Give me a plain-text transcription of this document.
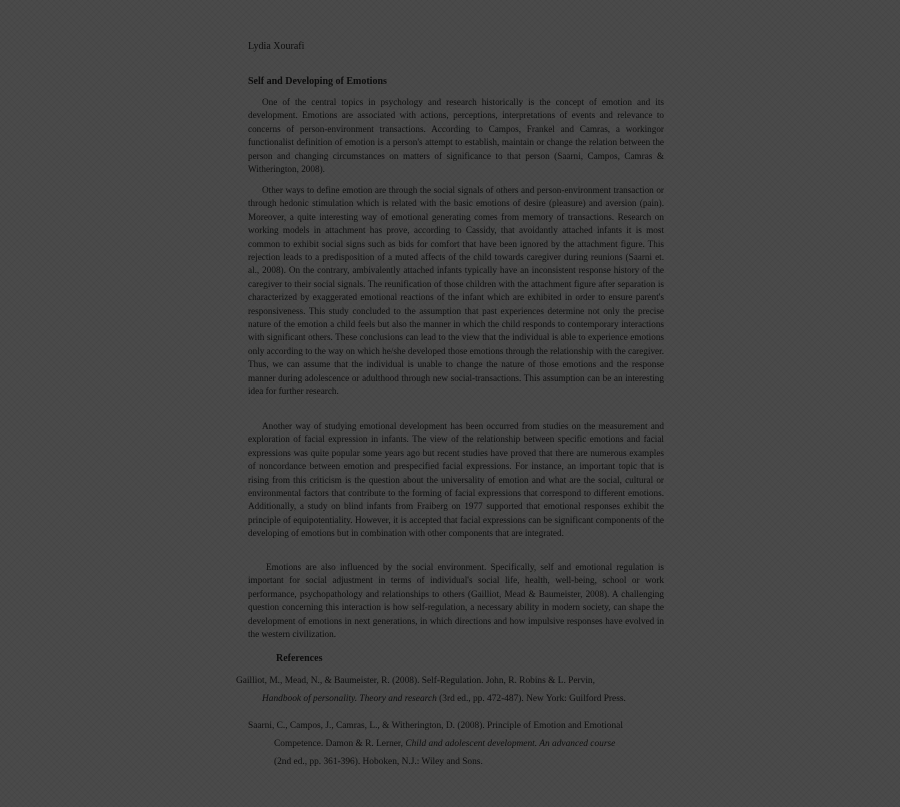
Lydia Xourafi
Self and Developing of Emotions
One of the central topics in psychology and research historically is the concept of emotion and its development. Emotions are associated with actions, perceptions, interpretations of events and relevance to concerns of person-environment transactions. According to Campos, Frankel and Camras, a workingor functionalist definition of emotion is a person's attempt to establish, maintain or change the relation between the person and changing circumstances on matters of significance to that person (Saarni, Campos, Camras & Witherington, 2008).
Other ways to define emotion are through the social signals of others and person-environment transaction or through hedonic stimulation which is related with the basic emotions of desire (pleasure) and aversion (pain). Moreover, a quite interesting way of emotional generating comes from memory of transactions. Research on working models in attachment has prove, according to Cassidy, that avoidantly attached infants it is most common to exhibit social signs such as bids for comfort that have been ignored by the attachment figure. This rejection leads to a predisposition of a muted affects of the child towards caregiver during reunions (Saarni et. al., 2008). On the contrary, ambivalently attached infants typically have an inconsistent response history of the caregiver to their social signals. The reunification of those children with the attachment figure after separation is characterized by exaggerated emotional reactions of the infant which are exhibited in order to ensure parent's responsiveness. This study concluded to the assumption that past experiences determine not only the precise nature of the emotion a child feels but also the manner in which the child responds to contemporary interactions with significant others. These conclusions can lead to the view that the individual is able to experience emotions only according to the way on which he/she developed those emotions through the relationship with the caregiver. Thus, we can assume that the individual is unable to change the nature of those emotions and the response manner during adolescence or adulthood through new social-transactions. This assumption can be an interesting idea for further research.
Another way of studying emotional development has been occurred from studies on the measurement and exploration of facial expression in infants. The view of the relationship between specific emotions and facial expressions was quite popular some years ago but recent studies have proved that there are numerous examples of noncordance between emotion and prespecified facial expressions. For instance, an important topic that is rising from this criticism is the question about the universality of emotion and what are the social, cultural or environmental factors that contribute to the forming of facial expressions that correspond to different emotions. Additionally, a study on blind infants from Fraiberg on 1977 supported that emotional responses exhibit the principle of equipotentiality. However, it is accepted that facial expressions can be significant components of the developing of emotions but in combination with other components that are integrated.
Emotions are also influenced by the social environment. Specifically, self and emotional regulation is important for social adjustment in terms of individual's social life, health, well-being, school or work performance, psychopathology and relationships to others (Gailliot, Mead & Baumeister, 2008). A challenging question concerning this interaction is how self-regulation, a necessary ability in modern society, can shape the development of emotions in next generations, in which directions and how impulsive responses have evolved in the western civilization.
References
Gailliot, M., Mead, N., & Baumeister, R. (2008). Self-Regulation. John, R. Robins & L. Pervin,
Handbook of personality. Theory and research (3rd ed., pp. 472-487). New York: Guilford Press.
Saarni, C., Campos, J., Camras, L., & Witherington, D. (2008). Principle of Emotion and Emotional
Competence. Damon & R. Lerner, Child and adolescent development. An advanced course
(2nd ed., pp. 361-396). Hoboken, N.J.: Wiley and Sons.
